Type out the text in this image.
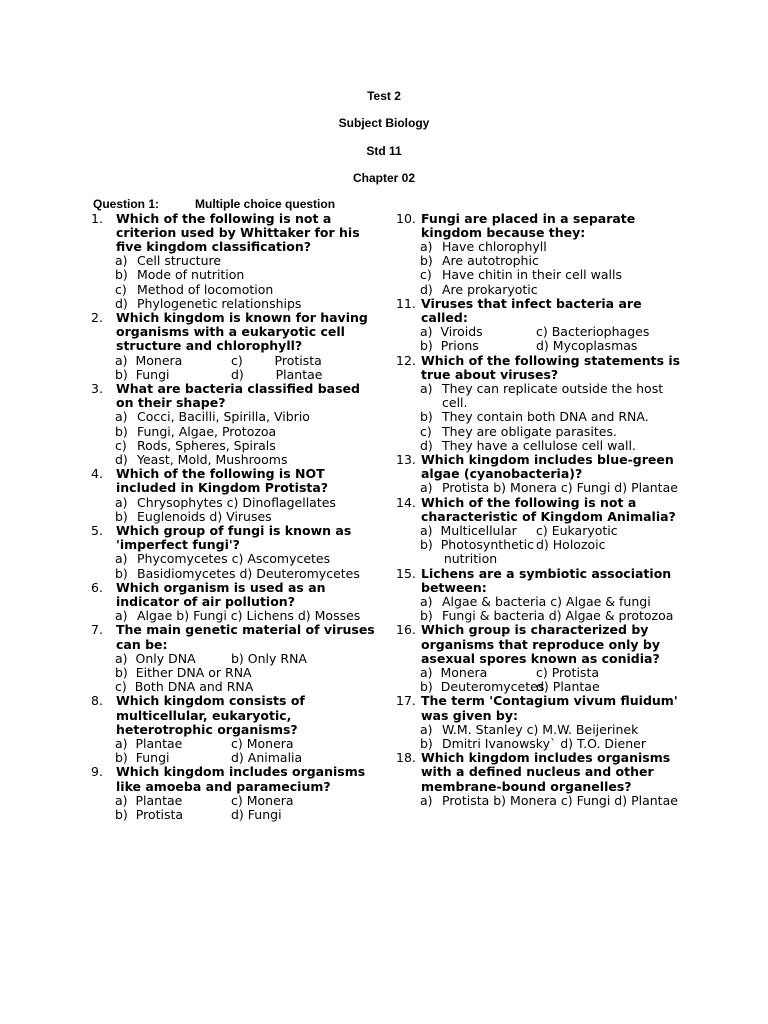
Test 2
Subject Biology
Std 11
Chapter 02
Question 1:	Multiple choice question
1. Which of the following is not a criterion used by Whittaker for his five kingdom classification?
a) Cell structure
b) Mode of nutrition
c) Method of locomotion
d) Phylogenetic relationships
2. Which kingdom is known for having organisms with a eukaryotic cell structure and chlorophyll?
a)  Monera	c)        Protista
b)  Fungi	d)        Plantae
3. What are bacteria classified based on their shape?
a) Cocci, Bacilli, Spirilla, Vibrio
b) Fungi, Algae, Protozoa
c) Rods, Spheres, Spirals
d) Yeast, Mold, Mushrooms
4. Which of the following is NOT included in Kingdom Protista?
a) Chrysophytes c) Dinoflagellates
b) Euglenoids d) Viruses
5. Which group of fungi is known as 'imperfect fungi'?
a) Phycomycetes c) Ascomycetes
b) Basidiomycetes d) Deuteromycetes
6. Which organism is used as an indicator of air pollution?
a) Algae b) Fungi c) Lichens d) Mosses
7. The main genetic material of viruses can be:
a)  Only DNA	b) Only RNA
b)  Either DNA or RNA
c)  Both DNA and RNA
8. Which kingdom consists of multicellular, eukaryotic, heterotrophic organisms?
a)  Plantae	c) Monera
b)  Fungi	d) Animalia
9. Which kingdom includes organisms like amoeba and paramecium?
a)  Plantae	c) Monera
b)  Protista	d) Fungi
10. Fungi are placed in a separate kingdom because they:
a) Have chlorophyll
b) Are autotrophic
c) Have chitin in their cell walls
d) Are prokaryotic
11. Viruses that infect bacteria are called:
a)  Viroids	c) Bacteriophages
b)  Prions	d) Mycoplasmas
12. Which of the following statements is true about viruses?
a) They can replicate outside the host cell.
b) They contain both DNA and RNA.
c) They are obligate parasites.
d) They have a cellulose cell wall.
13. Which kingdom includes blue-green algae (cyanobacteria)?
a) Protista b) Monera c) Fungi d) Plantae
14. Which of the following is not a characteristic of Kingdom Animalia?
a)  Multicellular	c) Eukaryotic
b)  Photosynthetic d) Holozoic
nutrition
15. Lichens are a symbiotic association between:
a) Algae & bacteria c) Algae & fungi
b) Fungi & bacteria d) Algae & protozoa
16. Which group is characterized by organisms that reproduce only by asexual spores known as conidia?
a)  Monera	c) Protista
b)  Deuteromycetes
d) Plantae
17. The term 'Contagium vivum fluidum' was given by:
a) W.M. Stanley c) M.W. Beijerinek
b) Dmitri Ivanowsky` d) T.O. Diener
18. Which kingdom includes organisms with a defined nucleus and other membrane-bound organelles?
a) Protista b) Monera c) Fungi d) Plantae
